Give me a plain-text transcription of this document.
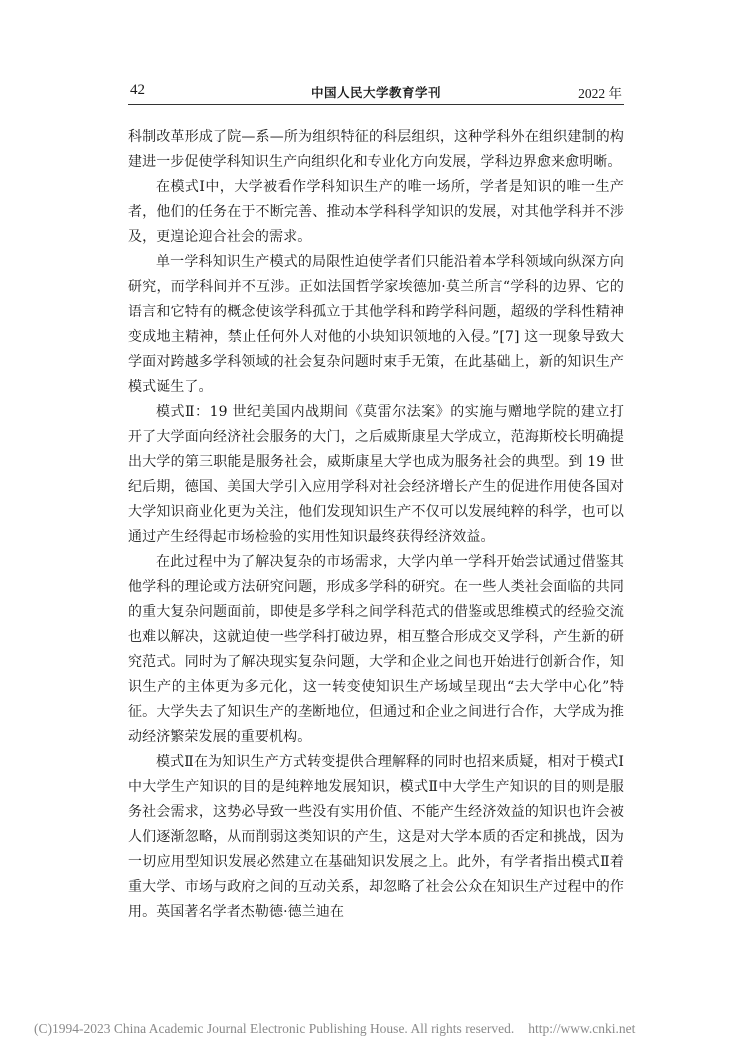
42	中国人民大学教育学刊	2022 年

科制改革形成了院—系—所为组织特征的科层组织，这种学科外在组织建制的构建进一步促使学科知识生产向组织化和专业化方向发展，学科边界愈来愈明晰。

在模式Ⅰ中，大学被看作学科知识生产的唯一场所，学者是知识的唯一生产者，他们的任务在于不断完善、推动本学科科学知识的发展，对其他学科并不涉及，更遑论迎合社会的需求。

单一学科知识生产模式的局限性迫使学者们只能沿着本学科领域向纵深方向研究，而学科间并不互涉。正如法国哲学家埃德加·莫兰所言“学科的边界、它的语言和它特有的概念使该学科孤立于其他学科和跨学科问题，超级的学科性精神变成地主精神，禁止任何外人对他的小块知识领地的入侵。”[7] 这一现象导致大学面对跨越多学科领域的社会复杂问题时束手无策，在此基础上，新的知识生产模式诞生了。

模式Ⅱ：19 世纪美国内战期间《莫雷尔法案》的实施与赠地学院的建立打开了大学面向经济社会服务的大门，之后威斯康星大学成立，范海斯校长明确提出大学的第三职能是服务社会，威斯康星大学也成为服务社会的典型。到 19 世纪后期，德国、美国大学引入应用学科对社会经济增长产生的促进作用使各国对大学知识商业化更为关注，他们发现知识生产不仅可以发展纯粹的科学，也可以通过产生经得起市场检验的实用性知识最终获得经济效益。

在此过程中为了解决复杂的市场需求，大学内单一学科开始尝试通过借鉴其他学科的理论或方法研究问题，形成多学科的研究。在一些人类社会面临的共同的重大复杂问题面前，即使是多学科之间学科范式的借鉴或思维模式的经验交流也难以解决，这就迫使一些学科打破边界，相互整合形成交叉学科，产生新的研究范式。同时为了解决现实复杂问题，大学和企业之间也开始进行创新合作，知识生产的主体更为多元化，这一转变使知识生产场域呈现出“去大学中心化”特征。大学失去了知识生产的垄断地位，但通过和企业之间进行合作，大学成为推动经济繁荣发展的重要机构。

模式Ⅱ在为知识生产方式转变提供合理解释的同时也招来质疑，相对于模式Ⅰ中大学生产知识的目的是纯粹地发展知识，模式Ⅱ中大学生产知识的目的则是服务社会需求，这势必导致一些没有实用价值、不能产生经济效益的知识也许会被人们逐渐忽略，从而削弱这类知识的产生，这是对大学本质的否定和挑战，因为一切应用型知识发展必然建立在基础知识发展之上。此外，有学者指出模式Ⅱ着重大学、市场与政府之间的互动关系，却忽略了社会公众在知识生产过程中的作用。英国著名学者杰勒德·德兰迪在

(C)1994-2023 China Academic Journal Electronic Publishing House. All rights reserved. http://www.cnki.net
